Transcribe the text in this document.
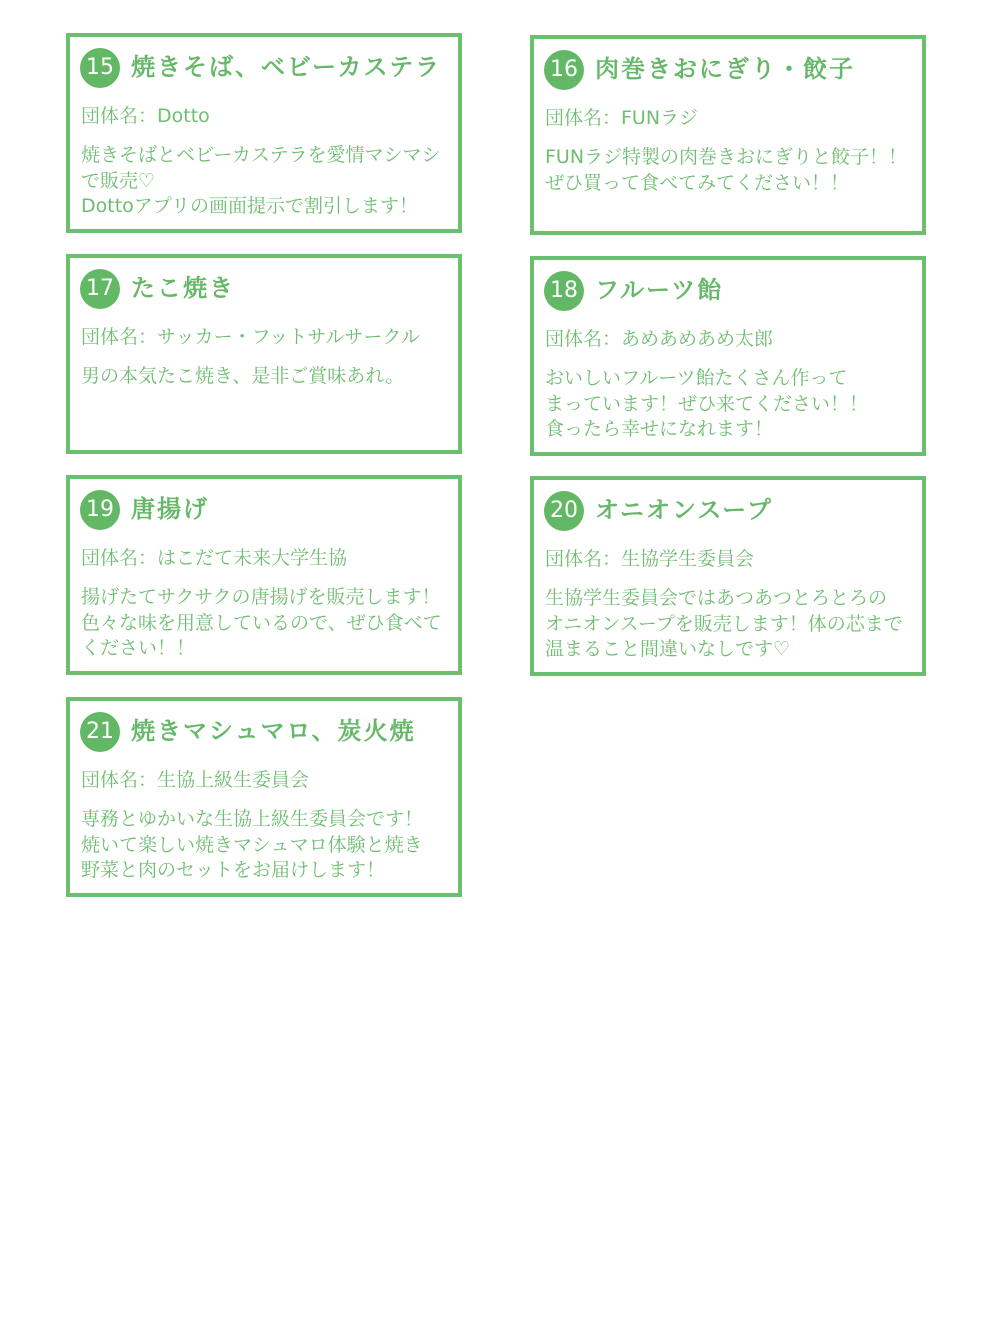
15 焼きそば、ベビーカステラ
団体名：Dotto
焼きそばとベビーカステラを愛情マシマシ
で販売♡
Dottoアプリの画面提示で割引します！
16 肉巻きおにぎり・餃子
団体名：FUNラジ
FUNラジ特製の肉巻きおにぎりと餃子！！
ぜひ買って食べてみてください！！
17 たこ焼き
団体名：サッカー・フットサルサークル
男の本気たこ焼き、是非ご賞味あれ。
18 フルーツ飴
団体名：あめあめあめ太郎
おいしいフルーツ飴たくさん作って
まっています！ぜひ来てください！！
食ったら幸せになれます！
19 唐揚げ
団体名：はこだて未来大学生協
揚げたてサクサクの唐揚げを販売します！
色々な味を用意しているので、ぜひ食べて
ください！！
20 オニオンスープ
団体名：生協学生委員会
生協学生委員会ではあつあつとろとろの
オニオンスープを販売します！体の芯まで
温まること間違いなしです♡
21 焼きマシュマロ、炭火焼
団体名：生協上級生委員会
専務とゆかいな生協上級生委員会です！
焼いて楽しい焼きマシュマロ体験と焼き
野菜と肉のセットをお届けします！
